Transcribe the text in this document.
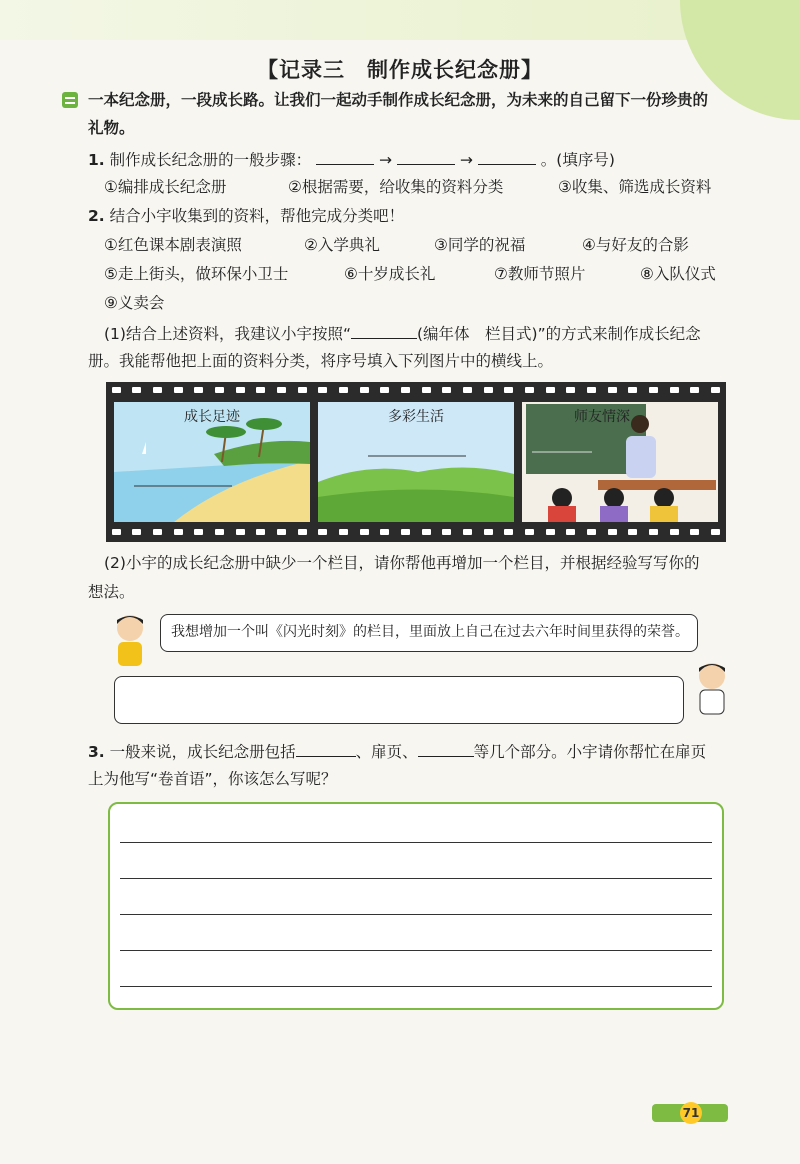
【记录三　制作成长纪念册】
一本纪念册，一段成长路。让我们一起动手制作成长纪念册，为未来的自己留下一份珍贵的
礼物。
1. 制作成长纪念册的一般步骤：	→	→	。(填序号)
①编排成长纪念册	②根据需要，给收集的资料分类	③收集、筛选成长资料
2. 结合小宇收集到的资料，帮他完成分类吧！
①红色课本剧表演照	②入学典礼	③同学的祝福	④与好友的合影
⑤走上街头，做环保小卫士	⑥十岁成长礼	⑦教师节照片	⑧入队仪式
⑨义卖会
(1)结合上述资料，我建议小宇按照“	(编年体　栏目式)”的方式来制作成长纪念
册。我能帮他把上面的资料分类，将序号填入下列图片中的横线上。
成长足迹	多彩生活	师友情深
(2)小宇的成长纪念册中缺少一个栏目，请你帮他再增加一个栏目，并根据经验写写你的
想法。
我想增加一个叫《闪光时刻》的栏目，里面放上自己在过去六年时间里获得的荣誉。
3. 一般来说，成长纪念册包括	、扉页、	等几个部分。小宇请你帮忙在扉页
上为他写“卷首语”，你该怎么写呢？
71
